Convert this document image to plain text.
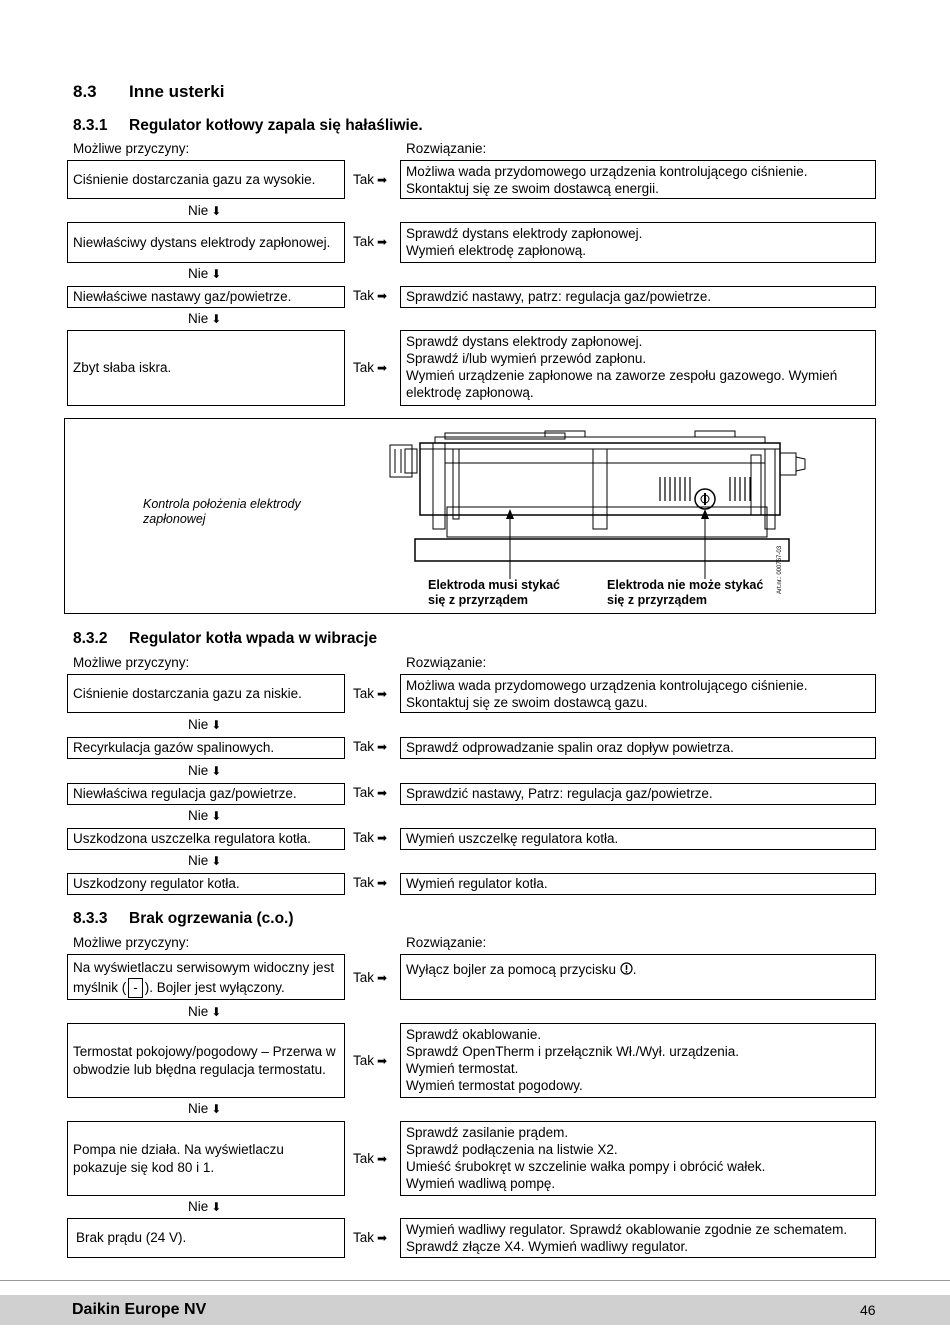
8.3 Inne usterki
8.3.1 Regulator kotłowy zapala się hałaśliwie.
Możliwe przyczyny:	Rozwiązanie:
Ciśnienie dostarczania gazu za wysokie.	Tak ➡
Możliwa wada przydomowego urządzenia kontrolującego ciśnienie. Skontaktuj się ze swoim dostawcą energii.
Nie ⬇
Niewłaściwy dystans elektrody zapłonowej. Tak ➡
Sprawdź dystans elektrody zapłonowej.
Wymień elektrodę zapłonową.
Nie ⬇
Niewłaściwe nastawy gaz/powietrze.	Tak ➡ Sprawdzić nastawy, patrz: regulacja gaz/powietrze.
Nie ⬇
Zbyt słaba iskra.	Tak ➡
Sprawdź dystans elektrody zapłonowej.
Sprawdź i/lub wymień przewód zapłonu.
Wymień urządzenie zapłonowe na zaworze zespołu gazowego. Wymień elektrodę zapłonową.
Kontrola położenia elektrody zapłonowej
Elektroda musi stykać się z przyrządem
Elektroda nie może stykać się z przyrządem
Art.nr.: 000767-03
8.3.2 Regulator kotła wpada w wibracje
Możliwe przyczyny:	Rozwiązanie:
Ciśnienie dostarczania gazu za niskie.	Tak ➡
Możliwa wada przydomowego urządzenia kontrolującego ciśnienie. Skontaktuj się ze swoim dostawcą gazu.
Nie ⬇
Recyrkulacja gazów spalinowych.	Tak ➡ Sprawdź odprowadzanie spalin oraz dopływ powietrza.
Nie ⬇
Niewłaściwa regulacja gaz/powietrze.	Tak ➡ Sprawdzić nastawy, Patrz: regulacja gaz/powietrze.
Nie ⬇
Uszkodzona uszczelka regulatora kotła.	Tak ➡ Wymień uszczelkę regulatora kotła.
Nie ⬇
Uszkodzony regulator kotła.	Tak ➡ Wymień regulator kotła.
8.3.3 Brak ogrzewania (c.o.)
Możliwe przyczyny:	Rozwiązanie:
Na wyświetlaczu serwisowym widoczny jest myślnik ( - ). Bojler jest wyłączony.
Tak ➡
Wyłącz bojler za pomocą przycisku .
Nie ⬇
Termostat pokojowy/pogodowy – Przerwa w obwodzie lub błędna regulacja termostatu.
Tak ➡
Sprawdź okablowanie.
Sprawdź OpenTherm i przełącznik Wł./Wył. urządzenia.
Wymień termostat.
Wymień termostat pogodowy.
Nie ⬇
Pompa nie działa. Na wyświetlaczu pokazuje się kod 80 i 1.
Tak ➡
Sprawdź zasilanie prądem.
Sprawdź podłączenia na listwie X2.
Umieść śrubokręt w szczelinie wałka pompy i obrócić wałek.
Wymień wadliwą pompę.
Nie ⬇
Brak prądu (24 V).	Tak ➡
Wymień wadliwy regulator. Sprawdź okablowanie zgodnie ze schematem.
Sprawdź złącze X4. Wymień wadliwy regulator.
Daikin Europe NV	46
